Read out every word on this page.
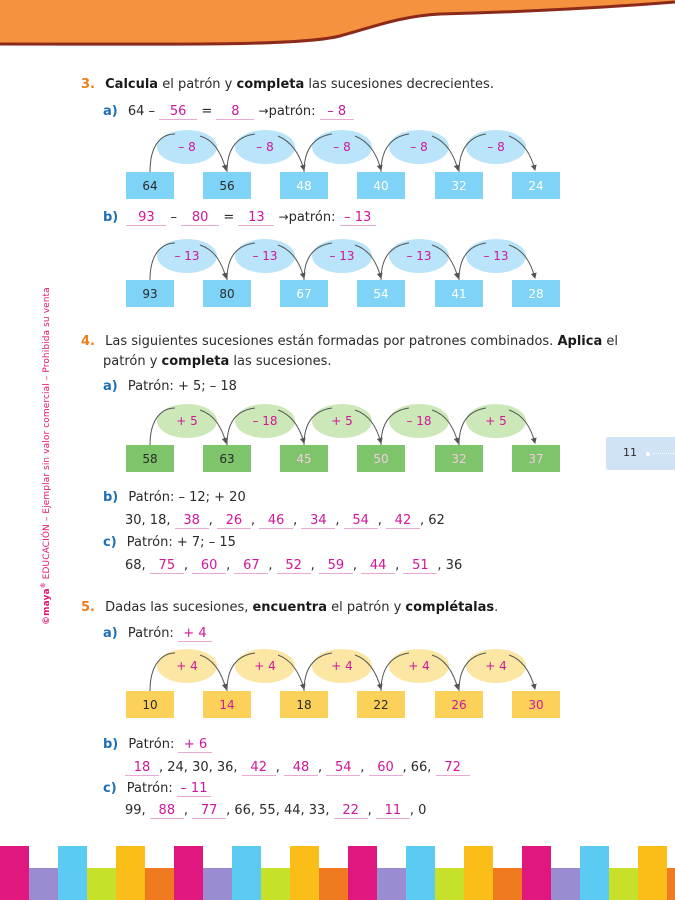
©maya® EDUCACIÓN – Ejemplar sin valor comercial – Prohibida su venta	11
3. Calcula el patrón y completa las sucesiones decrecientes.
a) 64 – 56 = 8 →patrón: – 8
– 8	– 8	– 8	– 8	– 8
64	56	48	40	32	24
b) 93 – 80 = 13 →patrón: – 13
– 13	– 13	– 13	– 13	– 13
93	80	67	54	41	28
4. Las siguientes sucesiones están formadas por patrones combinados. Aplica el
patrón y completa las sucesiones.
a) Patrón: + 5; – 18
+ 5	– 18	+ 5	– 18	+ 5
58	63	45	50	32	37
b) Patrón: – 12; + 20
30, 18, 38 , 26 , 46 , 34 , 54 , 42 , 62
c) Patrón: + 7; – 15
68, 75 , 60 , 67 , 52 , 59 , 44 , 51 , 36
5. Dadas las sucesiones, encuentra el patrón y complétalas.
a) Patrón: + 4
+ 4	+ 4	+ 4	+ 4	+ 4
10	14	18	22	26	30
b) Patrón: + 6
18 , 24, 30, 36, 42 , 48 , 54 , 60 , 66, 72
c) Patrón: – 11
99, 88 , 77 , 66, 55, 44, 33, 22 , 11 , 0
